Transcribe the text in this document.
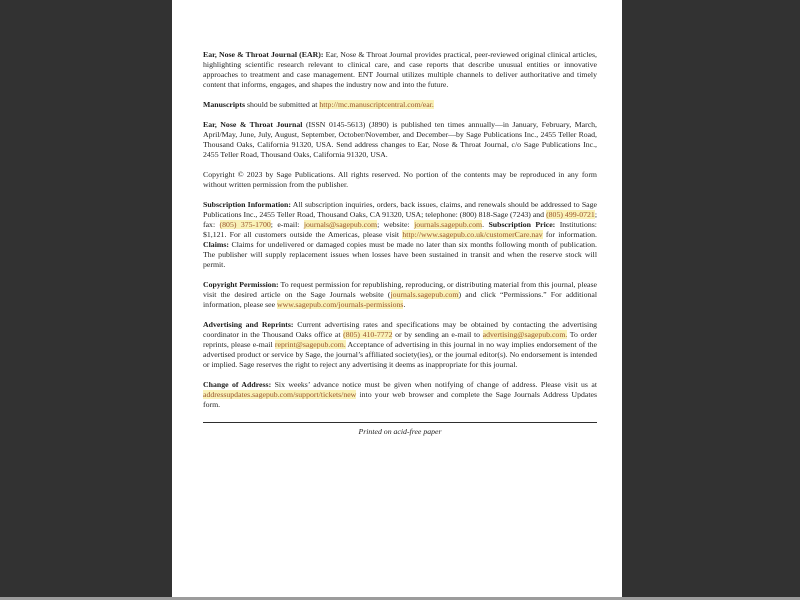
Ear, Nose & Throat Journal (EAR): Ear, Nose & Throat Journal provides practical, peer-reviewed original clinical articles, highlighting scientific research relevant to clinical care, and case reports that describe unusual entities or innovative approaches to treatment and case management. ENT Journal utilizes multiple channels to deliver authoritative and timely content that informs, engages, and shapes the industry now and into the future.

Manuscripts should be submitted at http://mc.manuscriptcentral.com/ear.

Ear, Nose & Throat Journal (ISSN 0145-5613) (J890) is published ten times annually—in January, February, March, April/May, June, July, August, September, October/November, and December—by Sage Publications Inc., 2455 Teller Road, Thousand Oaks, California 91320, USA. Send address changes to Ear, Nose & Throat Journal, c/o Sage Publications Inc., 2455 Teller Road, Thousand Oaks, California 91320, USA.

Copyright © 2023 by Sage Publications. All rights reserved. No portion of the contents may be reproduced in any form without written permission from the publisher.

Subscription Information: All subscription inquiries, orders, back issues, claims, and renewals should be addressed to Sage Publications Inc., 2455 Teller Road, Thousand Oaks, CA 91320, USA; telephone: (800) 818-Sage (7243) and (805) 499-0721; fax: (805) 375-1700; e-mail: journals@sagepub.com; website: journals.sagepub.com. Subscription Price: Institutions: $1,121. For all customers outside the Americas, please visit http://www.sagepub.co.uk/customerCare.nav for information. Claims: Claims for undelivered or damaged copies must be made no later than six months following month of publication. The publisher will supply replacement issues when losses have been sustained in transit and when the reserve stock will permit.

Copyright Permission: To request permission for republishing, reproducing, or distributing material from this journal, please visit the desired article on the Sage Journals website (journals.sagepub.com) and click “Permissions.” For additional information, please see www.sagepub.com/journals-permissions.

Advertising and Reprints: Current advertising rates and specifications may be obtained by contacting the advertising coordinator in the Thousand Oaks office at (805) 410-7772 or by sending an e-mail to advertising@sagepub.com. To order reprints, please e-mail reprint@sagepub.com. Acceptance of advertising in this journal in no way implies endorsement of the advertised product or service by Sage, the journal’s affiliated society(ies), or the journal editor(s). No endorsement is intended or implied. Sage reserves the right to reject any advertising it deems as inappropriate for this journal.

Change of Address: Six weeks’ advance notice must be given when notifying of change of address. Please visit us at addressupdates.sagepub.com/support/tickets/new into your web browser and complete the Sage Journals Address Updates form.

Printed on acid-free paper
